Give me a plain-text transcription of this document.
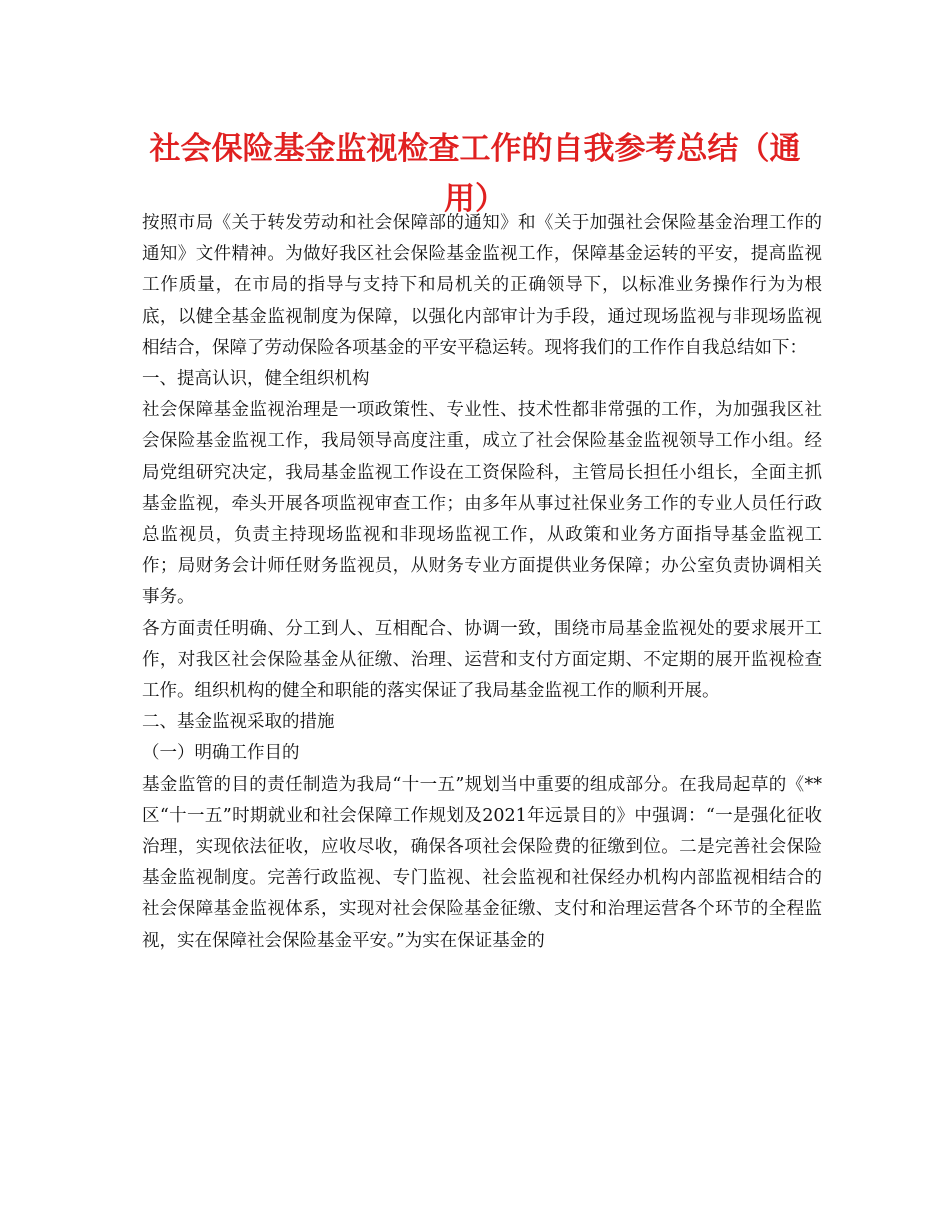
社会保险基金监视检查工作的自我参考总结（通用）

按照市局《关于转发劳动和社会保障部的通知》和《关于加强社会保险基金治理工作的通知》文件精神。为做好我区社会保险基金监视工作，保障基金运转的平安，提高监视工作质量，在市局的指导与支持下和局机关的正确领导下，以标准业务操作行为为根底，以健全基金监视制度为保障，以强化内部审计为手段，通过现场监视与非现场监视相结合，保障了劳动保险各项基金的平安平稳运转。现将我们的工作作自我总结如下：

一、提高认识，健全组织机构

社会保障基金监视治理是一项政策性、专业性、技术性都非常强的工作，为加强我区社会保险基金监视工作，我局领导高度注重，成立了社会保险基金监视领导工作小组。经局党组研究决定，我局基金监视工作设在工资保险科，主管局长担任小组长，全面主抓基金监视，牵头开展各项监视审查工作；由多年从事过社保业务工作的专业人员任行政总监视员，负责主持现场监视和非现场监视工作，从政策和业务方面指导基金监视工作；局财务会计师任财务监视员，从财务专业方面提供业务保障；办公室负责协调相关事务。

各方面责任明确、分工到人、互相配合、协调一致，围绕市局基金监视处的要求展开工作，对我区社会保险基金从征缴、治理、运营和支付方面定期、不定期的展开监视检查工作。组织机构的健全和职能的落实保证了我局基金监视工作的顺利开展。

二、基金监视采取的措施

（一）明确工作目的

基金监管的目的责任制造为我局“十一五”规划当中重要的组成部分。在我局起草的《**区“十一五”时期就业和社会保障工作规划及2021年远景目的》中强调：“一是强化征收治理，实现依法征收，应收尽收，确保各项社会保险费的征缴到位。二是完善社会保险基金监视制度。完善行政监视、专门监视、社会监视和社保经办机构内部监视相结合的社会保障基金监视体系，实现对社会保险基金征缴、支付和治理运营各个环节的全程监视，实在保障社会保险基金平安。”为实在保证基金的
